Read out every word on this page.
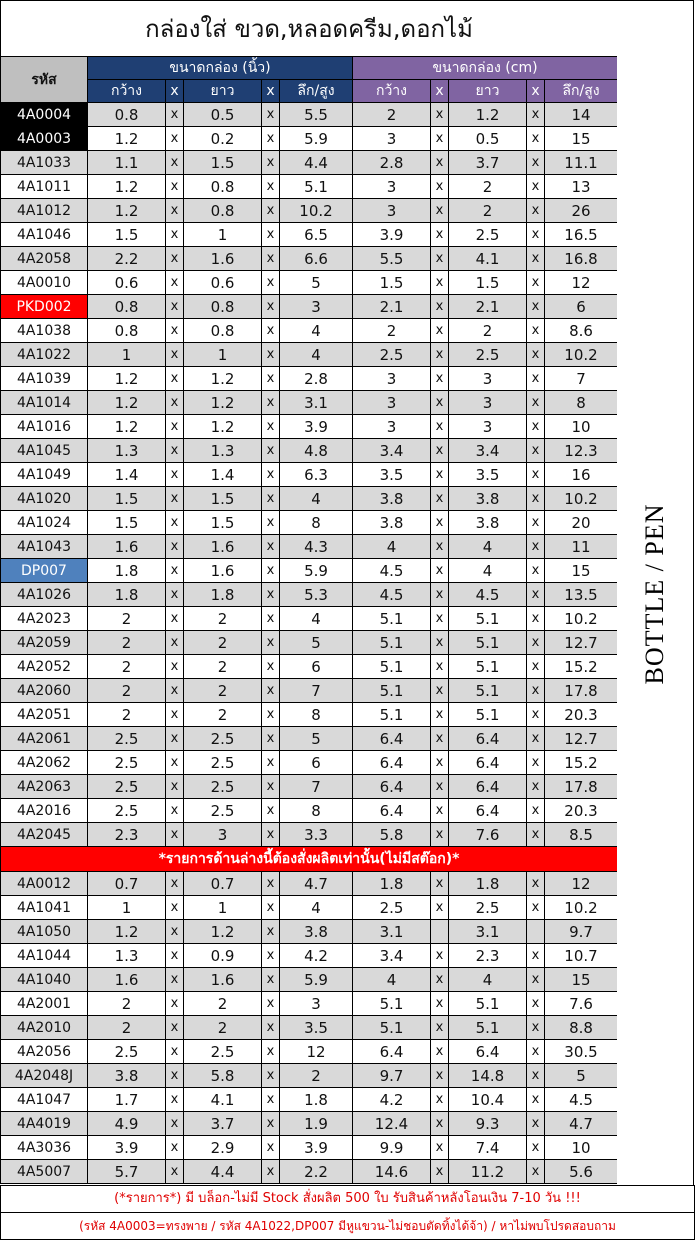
กล่องใส่ ขวด,หลอดครีม,ดอกไม้										
รหัส	ขนาดกล่อง (นิ้ว)					ขนาดกล่อง (cm)				
	กว้าง	x	ยาว	x	ลึก/สูง	กว้าง	x	ยาว	x	ลึก/สูง
4A0004	0.8	x	0.5	x	5.5	2	x	1.2	x	14
4A0003	1.2	x	0.2	x	5.9	3	x	0.5	x	15
4A1033	1.1	x	1.5	x	4.4	2.8	x	3.7	x	11.1
4A1011	1.2	x	0.8	x	5.1	3	x	2	x	13
4A1012	1.2	x	0.8	x	10.2	3	x	2	x	26
4A1046	1.5	x	1	x	6.5	3.9	x	2.5	x	16.5
4A2058	2.2	x	1.6	x	6.6	5.5	x	4.1	x	16.8
4A0010	0.6	x	0.6	x	5	1.5	x	1.5	x	12
PKD002	0.8	x	0.8	x	3	2.1	x	2.1	x	6
4A1038	0.8	x	0.8	x	4	2	x	2	x	8.6
4A1022	1	x	1	x	4	2.5	x	2.5	x	10.2
4A1039	1.2	x	1.2	x	2.8	3	x	3	x	7
4A1014	1.2	x	1.2	x	3.1	3	x	3	x	8
4A1016	1.2	x	1.2	x	3.9	3	x	3	x	10
4A1045	1.3	x	1.3	x	4.8	3.4	x	3.4	x	12.3
4A1049	1.4	x	1.4	x	6.3	3.5	x	3.5	x	16
4A1020	1.5	x	1.5	x	4	3.8	x	3.8	x	10.2
4A1024	1.5	x	1.5	x	8	3.8	x	3.8	x	20
4A1043	1.6	x	1.6	x	4.3	4	x	4	x	11
DP007	1.8	x	1.6	x	5.9	4.5	x	4	x	15
4A1026	1.8	x	1.8	x	5.3	4.5	x	4.5	x	13.5
4A2023	2	x	2	x	4	5.1	x	5.1	x	10.2
4A2059	2	x	2	x	5	5.1	x	5.1	x	12.7
4A2052	2	x	2	x	6	5.1	x	5.1	x	15.2
4A2060	2	x	2	x	7	5.1	x	5.1	x	17.8
4A2051	2	x	2	x	8	5.1	x	5.1	x	20.3
4A2061	2.5	x	2.5	x	5	6.4	x	6.4	x	12.7
4A2062	2.5	x	2.5	x	6	6.4	x	6.4	x	15.2
4A2063	2.5	x	2.5	x	7	6.4	x	6.4	x	17.8
4A2016	2.5	x	2.5	x	8	6.4	x	6.4	x	20.3
4A2045	2.3	x	3	x	3.3	5.8	x	7.6	x	8.5
*รายการด้านล่างนี้ต้องสั่งผลิตเท่านั้น(ไม่มีสต๊อก)*										
4A0012	0.7	x	0.7	x	4.7	1.8	x	1.8	x	12
4A1041	1	x	1	x	4	2.5	x	2.5	x	10.2
4A1050	1.2	x	1.2	x	3.8	3.1		3.1		9.7
4A1044	1.3	x	0.9	x	4.2	3.4	x	2.3	x	10.7
4A1040	1.6	x	1.6	x	5.9	4	x	4	x	15
4A2001	2	x	2	x	3	5.1	x	5.1	x	7.6
4A2010	2	x	2	x	3.5	5.1	x	5.1	x	8.8
4A2056	2.5	x	2.5	x	12	6.4	x	6.4	x	30.5
4A2048J	3.8	x	5.8	x	2	9.7	x	14.8	x	5
4A1047	1.7	x	4.1	x	1.8	4.2	x	10.4	x	4.5
4A4019	4.9	x	3.7	x	1.9	12.4	x	9.3	x	4.7
4A3036	3.9	x	2.9	x	3.9	9.9	x	7.4	x	10
4A5007	5.7	x	4.4	x	2.2	14.6	x	11.2	x	5.6
BOTTLE / PEN
(*รายการ*) มี บล็อก-ไม่มี Stock สั่งผลิต 500 ใบ รับสินค้าหลังโอนเงิน 7-10 วัน !!!
(รหัส 4A0003=ทรงพาย / รหัส 4A1022,DP007 มีหูแขวน-ไม่ชอบตัดทิ้งได้จ้า) / หาไม่พบโปรดสอบถาม
